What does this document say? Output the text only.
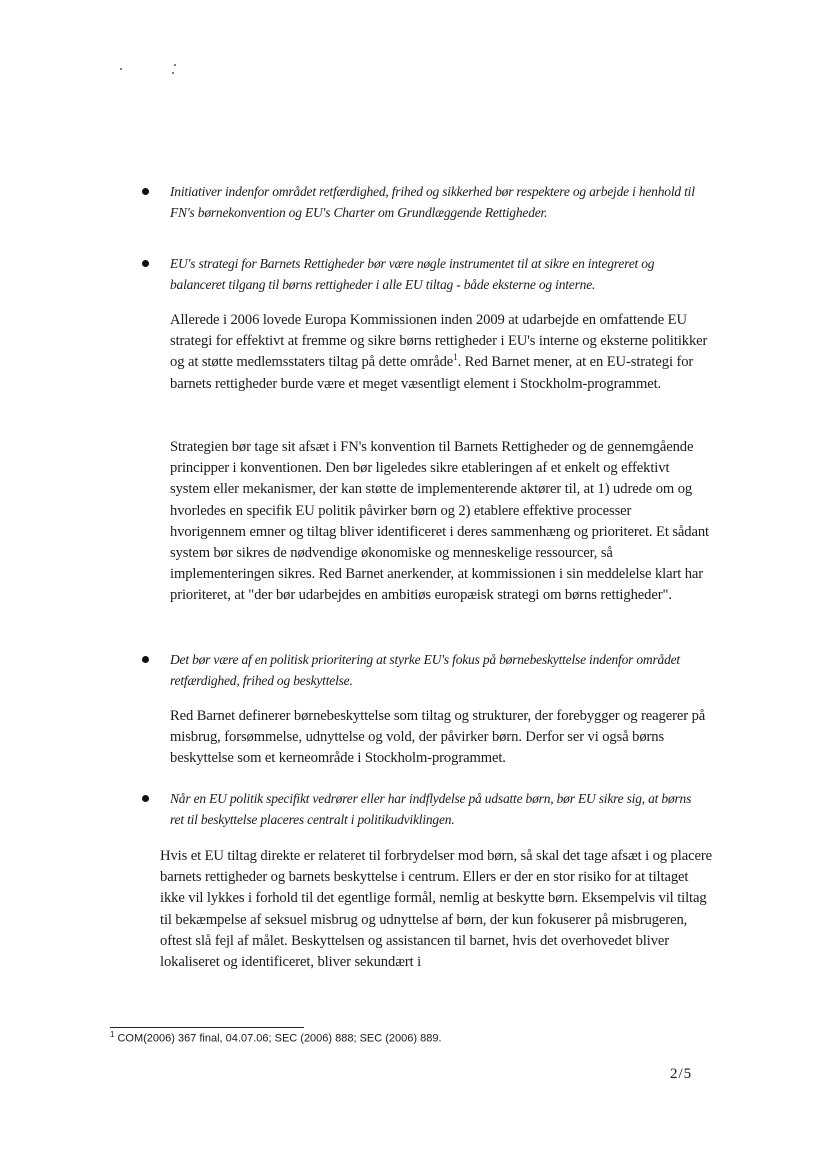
Initiativer indenfor området retfærdighed, frihed og sikkerhed bør respektere og arbejde i henhold til FN's børnekonvention og EU's Charter om Grundlæggende Rettigheder.
EU's strategi for Barnets Rettigheder bør være nøgle instrumentet til at sikre en integreret og balanceret tilgang til børns rettigheder i alle EU tiltag - både eksterne og interne.
Allerede i 2006 lovede Europa Kommissionen inden 2009 at udarbejde en omfattende EU strategi for effektivt at fremme og sikre børns rettigheder i EU's interne og eksterne politikker og at støtte medlemsstaters tiltag på dette område$^1$. Red Barnet mener, at en EU-strategi for barnets rettigheder burde være et meget væsentligt element i Stockholm-programmet.
Strategien bør tage sit afsæt i FN's konvention til Barnets Rettigheder og de gennemgående principper i konventionen. Den bør ligeledes sikre etableringen af et enkelt og effektivt system eller mekanismer, der kan støtte de implementerende aktører til, at 1) udrede om og hvorledes en specifik EU politik påvirker børn og 2) etablere effektive processer hvorigennem emner og tiltag bliver identificeret i deres sammenhæng og prioriteret. Et sådant system bør sikres de nødvendige økonomiske og menneskelige ressourcer, så implementeringen sikres. Red Barnet anerkender, at kommissionen i sin meddelelse klart har prioriteret, at "der bør udarbejdes en ambitiøs europæisk strategi om børns rettigheder".
Det bør være af en politisk prioritering at styrke EU's fokus på børnebeskyttelse indenfor området retfærdighed, frihed og beskyttelse.
Red Barnet definerer børnebeskyttelse som tiltag og strukturer, der forebygger og reagerer på misbrug, forsømmelse, udnyttelse og vold, der påvirker børn. Derfor ser vi også børns beskyttelse som et kerneområde i Stockholm-programmet.
Når en EU politik specifikt vedrører eller har indflydelse på udsatte børn, bør EU sikre sig, at børns ret til beskyttelse placeres centralt i politikudviklingen.
Hvis et EU tiltag direkte er relateret til forbrydelser mod børn, så skal det tage afsæt i og placere barnets rettigheder og barnets beskyttelse i centrum. Ellers er der en stor risiko for at tiltaget ikke vil lykkes i forhold til det egentlige formål, nemlig at beskytte børn. Eksempelvis vil tiltag til bekæmpelse af seksuel misbrug og udnyttelse af børn, der kun fokuserer på misbrugeren, oftest slå fejl af målet. Beskyttelsen og assistancen til barnet, hvis det overhovedet bliver lokaliseret og identificeret, bliver sekundært i
$^1$ COM(2006) 367 final, 04.07.06; SEC (2006) 888; SEC (2006) 889.
2/5
